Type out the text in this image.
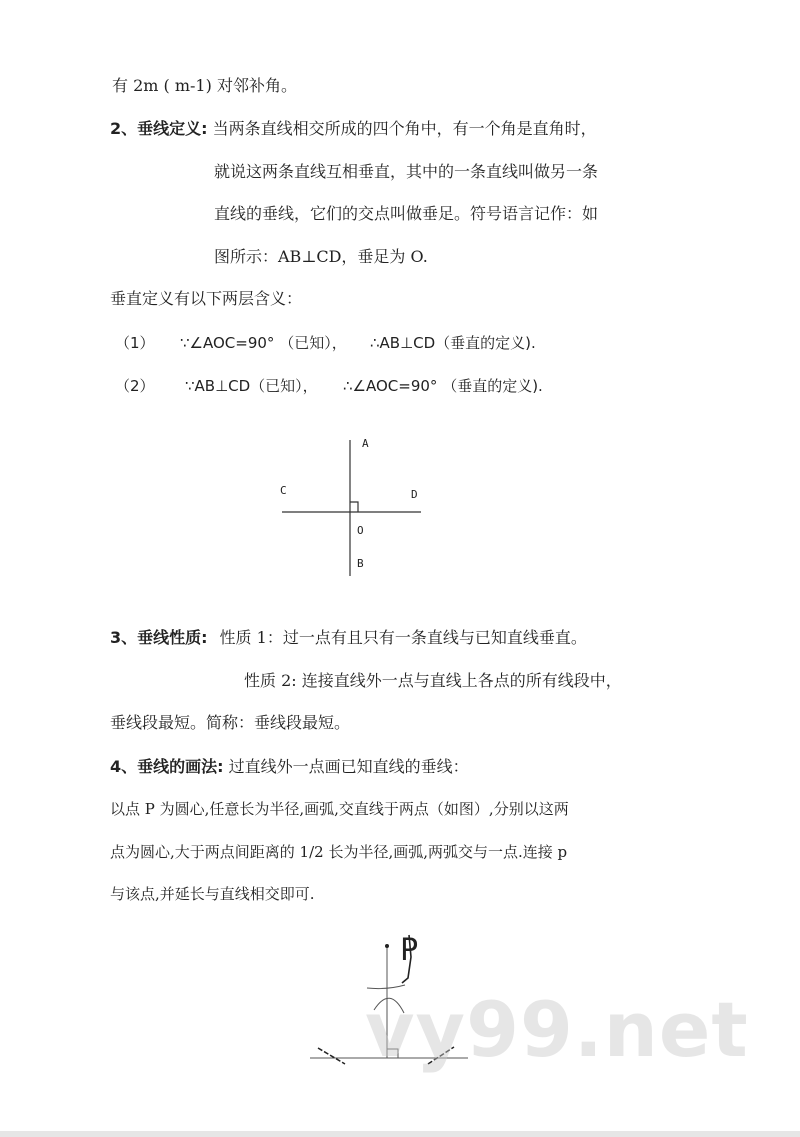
有 2m ( m-1) 对邻补角。
2、垂线定义: 当两条直线相交所成的四个角中，有一个角是直角时，
就说这两条直线互相垂直，其中的一条直线叫做另一条
直线的垂线，它们的交点叫做垂足。符号语言记作：如
图所示：AB⊥CD，垂足为 O.
垂直定义有以下两层含义：
（1） ∵∠AOC=90° （已知）， ∴AB⊥CD（垂直的定义).
（2） ∵AB⊥CD（已知）， ∴∠AOC=90° （垂直的定义).
A
C	D
O
B
P
3、垂线性质: 性质 1：过一点有且只有一条直线与已知直线垂直。
性质 2: 连接直线外一点与直线上各点的所有线段中，
垂线段最短。简称：垂线段最短。
4、垂线的画法: 过直线外一点画已知直线的垂线：
以点 P 为圆心,任意长为半径,画弧,交直线于两点（如图）,分别以这两
点为圆心,大于两点间距离的 1/2 长为半径,画弧,两弧交与一点.连接 p
与该点,并延长与直线相交即可.
vy99.net
